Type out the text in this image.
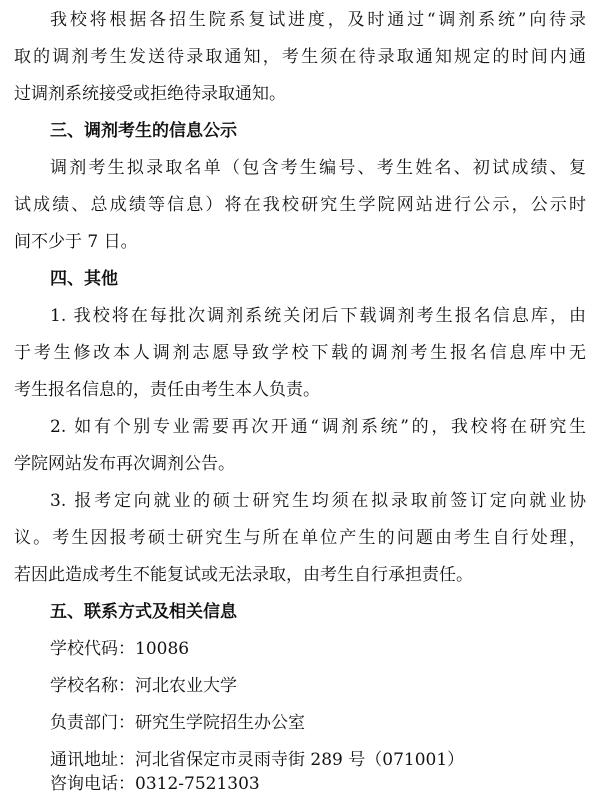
我校将根据各招生院系复试进度，及时通过“调剂系统”向待录
取的调剂考生发送待录取通知，考生须在待录取通知规定的时间内通
过调剂系统接受或拒绝待录取通知。
三、调剂考生的信息公示
调剂考生拟录取名单（包含考生编号、考生姓名、初试成绩、复
试成绩、总成绩等信息）将在我校研究生学院网站进行公示，公示时
间不少于 7 日。
四、其他
1. 我校将在每批次调剂系统关闭后下载调剂考生报名信息库，由
于考生修改本人调剂志愿导致学校下载的调剂考生报名信息库中无
考生报名信息的，责任由考生本人负责。
2. 如有个别专业需要再次开通“调剂系统”的，我校将在研究生
学院网站发布再次调剂公告。
3. 报考定向就业的硕士研究生均须在拟录取前签订定向就业协
议。考生因报考硕士研究生与所在单位产生的问题由考生自行处理，
若因此造成考生不能复试或无法录取，由考生自行承担责任。
五、联系方式及相关信息
学校代码：10086
学校名称：河北农业大学
负责部门：研究生学院招生办公室
通讯地址：河北省保定市灵雨寺街 289 号（071001）
咨询电话：0312-7521303
